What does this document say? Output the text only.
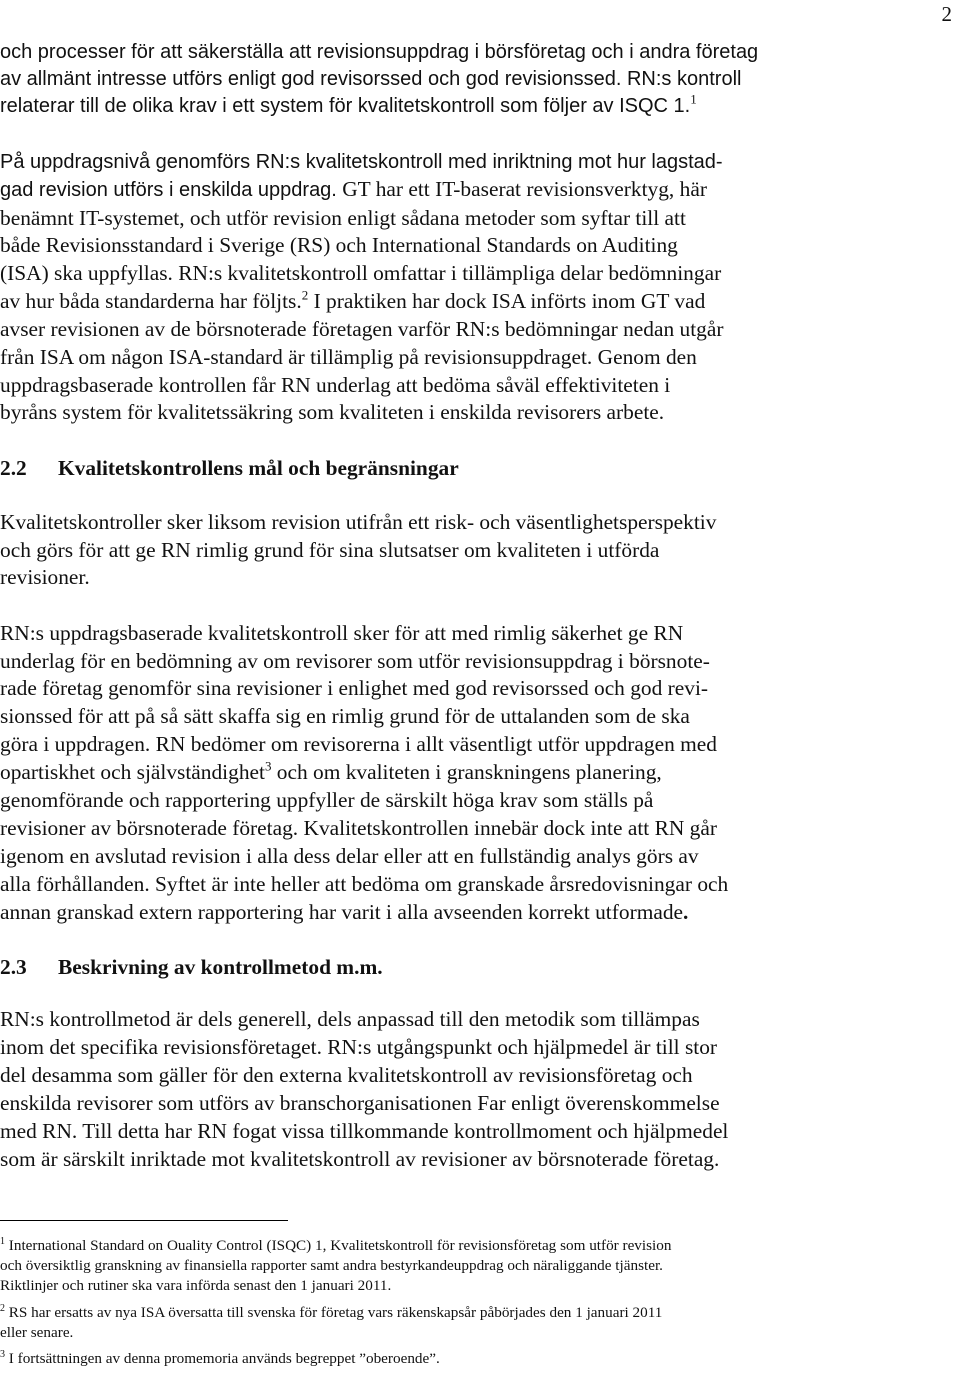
2
och processer för att säkerställa att revisionsuppdrag i börsföretag och i andra företag
av allmänt intresse utförs enligt god revisorssed och god revisionssed. RN:s kontroll
relaterar till de olika krav i ett system för kvalitetskontroll som följer av ISQC 1.$^1$
På uppdragsnivå genomförs RN:s kvalitetskontroll med inriktning mot hur lagstad-
gad revision utförs i enskilda uppdrag. GT har ett IT-baserat revisionsverktyg, här
benämnt IT-systemet, och utför revision enligt sådana metoder som syftar till att
både Revisionsstandard i Sverige (RS) och International Standards on Auditing
(ISA) ska uppfyllas. RN:s kvalitetskontroll omfattar i tillämpliga delar bedömningar
av hur båda standarderna har följts.$^2$ I praktiken har dock ISA införts inom GT vad
avser revisionen av de börsnoterade företagen varför RN:s bedömningar nedan utgår
från ISA om någon ISA-standard är tillämplig på revisionsuppdraget. Genom den
uppdragsbaserade kontrollen får RN underlag att bedöma såväl effektiviteten i
byråns system för kvalitetssäkring som kvaliteten i enskilda revisorers arbete.
2.2 Kvalitetskontrollens mål och begränsningar
Kvalitetskontroller sker liksom revision utifrån ett risk- och väsentlighetsperspektiv
och görs för att ge RN rimlig grund för sina slutsatser om kvaliteten i utförda
revisioner.
RN:s uppdragsbaserade kvalitetskontroll sker för att med rimlig säkerhet ge RN
underlag för en bedömning av om revisorer som utför revisionsuppdrag i börsnote-
rade företag genomför sina revisioner i enlighet med god revisorssed och god revi-
sionssed för att på så sätt skaffa sig en rimlig grund för de uttalanden som de ska
göra i uppdragen. RN bedömer om revisorerna i allt väsentligt utför uppdragen med
opartiskhet och självständighet$^3$ och om kvaliteten i granskningens planering,
genomförande och rapportering uppfyller de särskilt höga krav som ställs på
revisioner av börsnoterade företag. Kvalitetskontrollen innebär dock inte att RN går
igenom en avslutad revision i alla dess delar eller att en fullständig analys görs av
alla förhållanden. Syftet är inte heller att bedöma om granskade årsredovisningar och
annan granskad extern rapportering har varit i alla avseenden korrekt utformade.
2.3 Beskrivning av kontrollmetod m.m.
RN:s kontrollmetod är dels generell, dels anpassad till den metodik som tillämpas
inom det specifika revisionsföretaget. RN:s utgångspunkt och hjälpmedel är till stor
del desamma som gäller för den externa kvalitetskontroll av revisionsföretag och
enskilda revisorer som utförs av branschorganisationen Far enligt överenskommelse
med RN. Till detta har RN fogat vissa tillkommande kontrollmoment och hjälpmedel
som är särskilt inriktade mot kvalitetskontroll av revisioner av börsnoterade företag.
$^1$ International Standard on Ouality Control (ISQC) 1, Kvalitetskontroll för revisionsföretag som utför revision
och översiktlig granskning av finansiella rapporter samt andra bestyrkandeuppdrag och näraliggande tjänster.
Riktlinjer och rutiner ska vara införda senast den 1 januari 2011.
$^2$ RS har ersatts av nya ISA översatta till svenska för företag vars räkenskapsår påbörjades den 1 januari 2011
eller senare.
$^3$ I fortsättningen av denna promemoria används begreppet ”oberoende”.
